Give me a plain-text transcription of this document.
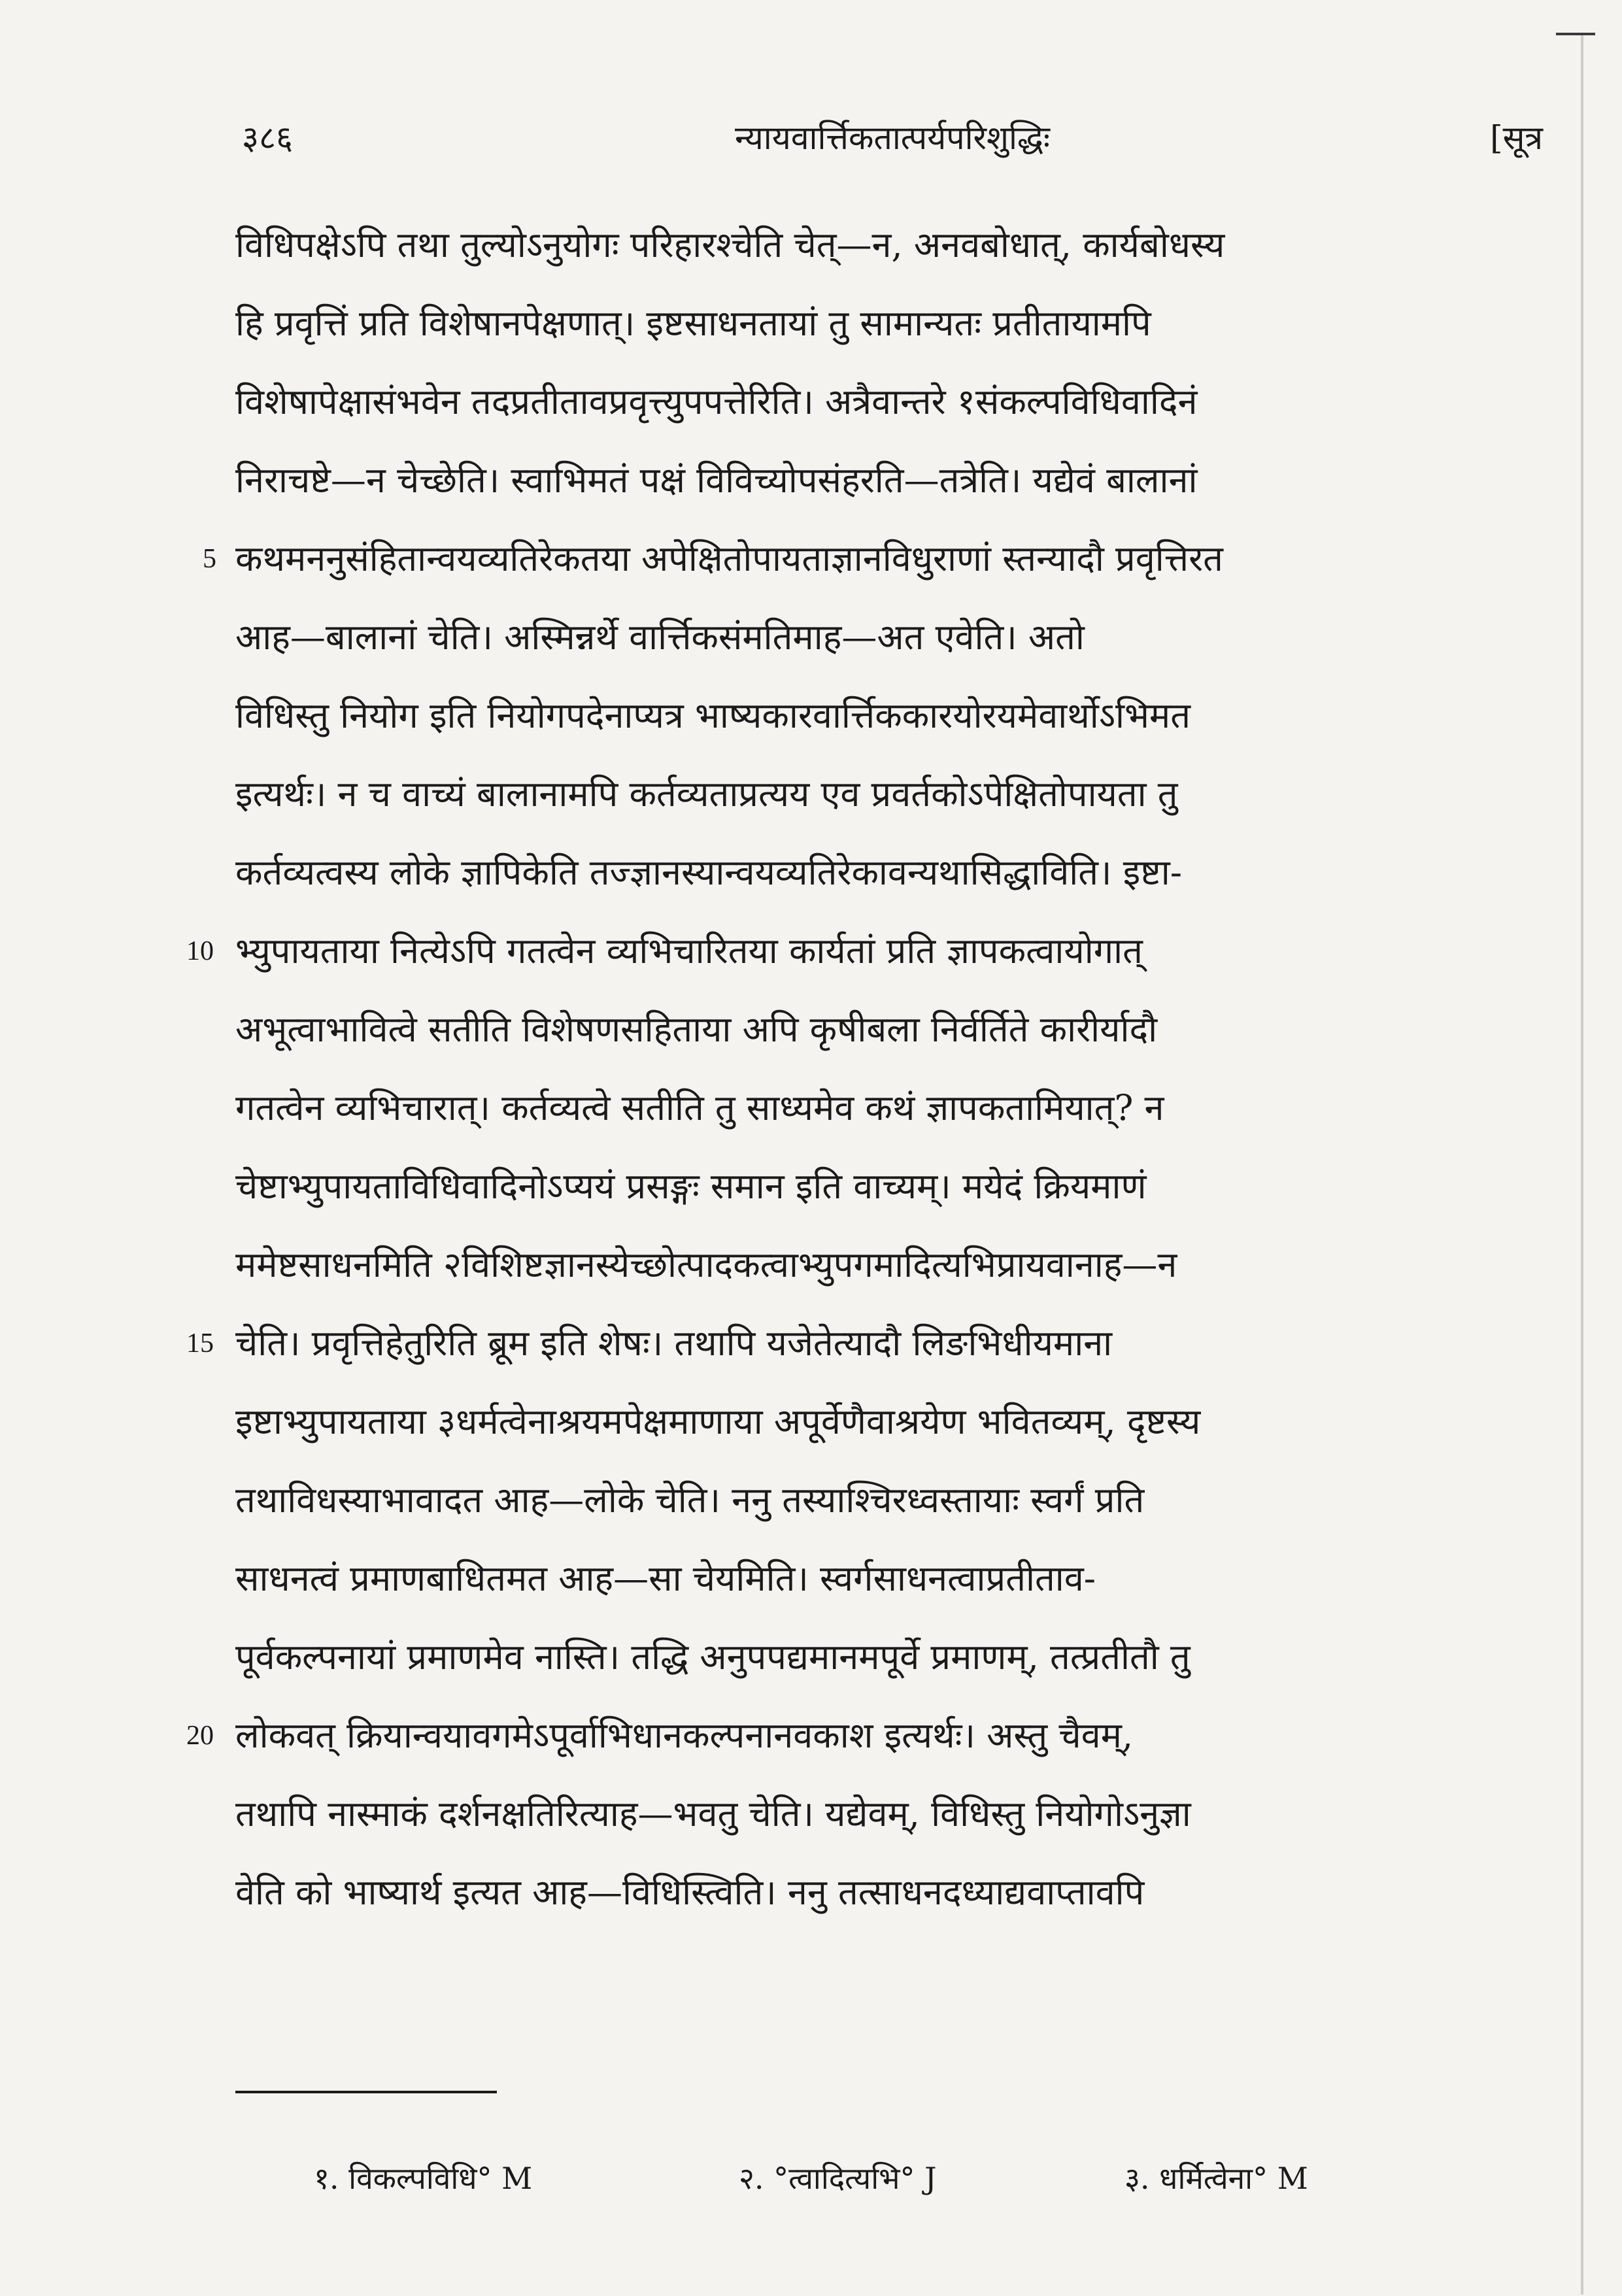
३८६	न्यायवार्त्तिकतात्पर्यपरिशुद्धिः	[सूत्र
विधिपक्षेऽपि तथा तुल्योऽनुयोगः परिहारश्चेति चेत्—न, अनवबोधात्, कार्यबोधस्य
हि प्रवृत्तिं प्रति विशेषानपेक्षणात्। इष्टसाधनतायां तु सामान्यतः प्रतीतायामपि
विशेषापेक्षासंभवेन तदप्रतीतावप्रवृत्त्युपपत्तेरिति। अत्रैवान्तरे १संकल्पविधिवादिनं
निराचष्टे—न चेच्छेति। स्वाभिमतं पक्षं विविच्योपसंहरति—तत्रेति। यद्येवं बालानां
कथमननुसंहितान्वयव्यतिरेकतया अपेक्षितोपायताज्ञानविधुराणां स्तन्यादौ प्रवृत्तिरत
आह—बालानां चेति। अस्मिन्नर्थे वार्त्तिकसंमतिमाह—अत एवेति। अतो
विधिस्तु नियोग इति नियोगपदेनाप्यत्र भाष्यकारवार्त्तिककारयोरयमेवार्थोऽभिमत
इत्यर्थः। न च वाच्यं बालानामपि कर्तव्यताप्रत्यय एव प्रवर्तकोऽपेक्षितोपायता तु
कर्तव्यत्वस्य लोके ज्ञापिकेति तज्ज्ञानस्यान्वयव्यतिरेकावन्यथासिद्धाविति। इष्टा-
भ्युपायताया नित्येऽपि गतत्वेन व्यभिचारितया कार्यतां प्रति ज्ञापकत्वायोगात्
अभूत्वाभावित्वे सतीति विशेषणसहिताया अपि कृषीबला निर्वर्तिते कारीर्यादौ
गतत्वेन व्यभिचारात्। कर्तव्यत्वे सतीति तु साध्यमेव कथं ज्ञापकतामियात्? न
चेष्टाभ्युपायताविधिवादिनोऽप्ययं प्रसङ्गः समान इति वाच्यम्। मयेदं क्रियमाणं
ममेष्टसाधनमिति २विशिष्टज्ञानस्येच्छोत्पादकत्वाभ्युपगमादित्यभिप्रायवानाह—न
चेति। प्रवृत्तिहेतुरिति ब्रूम इति शेषः। तथापि यजेतेत्यादौ लिङभिधीयमाना
इष्टाभ्युपायताया ३धर्मत्वेनाश्रयमपेक्षमाणाया अपूर्वेणैवाश्रयेण भवितव्यम्, दृष्टस्य
तथाविधस्याभावादत आह—लोके चेति। ननु तस्याश्चिरध्वस्तायाः स्वर्गं प्रति
साधनत्वं प्रमाणबाधितमत आह—सा चेयमिति। स्वर्गसाधनत्वाप्रतीताव-
पूर्वकल्पनायां प्रमाणमेव नास्ति। तद्धि अनुपपद्यमानमपूर्वे प्रमाणम्, तत्प्रतीतौ तु
लोकवत् क्रियान्वयावगमेऽपूर्वाभिधानकल्पनानवकाश इत्यर्थः। अस्तु चैवम्,
तथापि नास्माकं दर्शनक्षतिरित्याह—भवतु चेति। यद्येवम्, विधिस्तु नियोगोऽनुज्ञा
वेति को भाष्यार्थ इत्यत आह—विधिस्त्विति। ननु तत्साधनदध्याद्यवाप्तावपि
5
10
15
20
१. विकल्पविधि° M	२. °त्वादित्यभि° J	३. धर्मित्वेना° M
